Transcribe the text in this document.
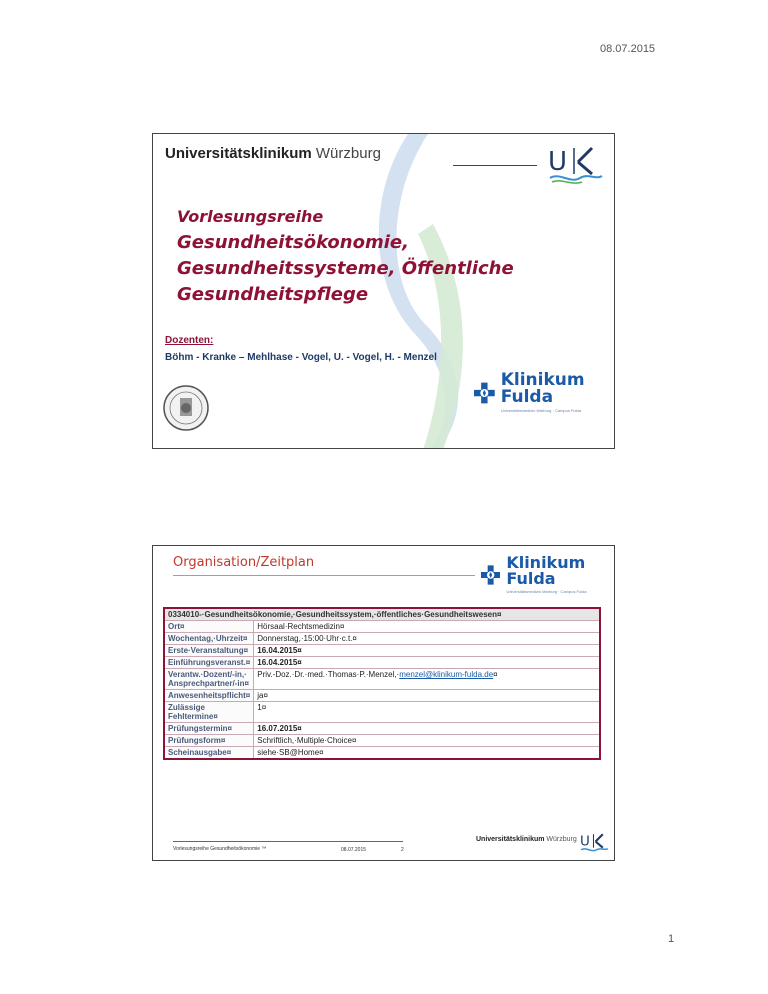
08.07.2015
Universitätsklinikum Würzburg	U
Vorlesungsreihe
Gesundheitsökonomie,
Gesundheitssysteme, Öffentliche
Gesundheitspflege
Dozenten:
Böhm - Kranke – Mehlhase - Vogel, U. - Vogel, H. - Menzel
Klinikum Fulda
Universitätsmedizin Marburg · Campus Fulda
Organisation/Zeitplan	Klinikum Fulda
Universitätsmedizin Marburg · Campus Fulda
0334010-·Gesundheitsökonomie,·Gesundheitssystem,·öffentliches·Gesundheitswesen¤	
Ort¤	Hörsaal·Rechtsmedizin¤
Wochentag,·Uhrzeit¤	Donnerstag,·15:00·Uhr·c.t.¤
Erste·Veranstaltung¤	16.04.2015¤
Einführungsveranst.¤	16.04.2015¤
Verantw.·Dozent/-in,· Ansprechpartner/-in¤	Priv.-Doz.·Dr.·med.·Thomas·P.·Menzel,·menzel@klinikum-fulda.de¤
Anwesenheitspflicht¤	ja¤
Zulässige Fehltermine¤	1¤
Prüfungstermin¤	16.07.2015¤
Prüfungsform¤	Schriftlich,·Multiple·Choice¤
Scheinausgabe¤	siehe·SB@Home¤
Vorlesungsreihe Gesundheitsökonomie ™	08.07.2015	2
Universitätsklinikum Würzburg U
1
